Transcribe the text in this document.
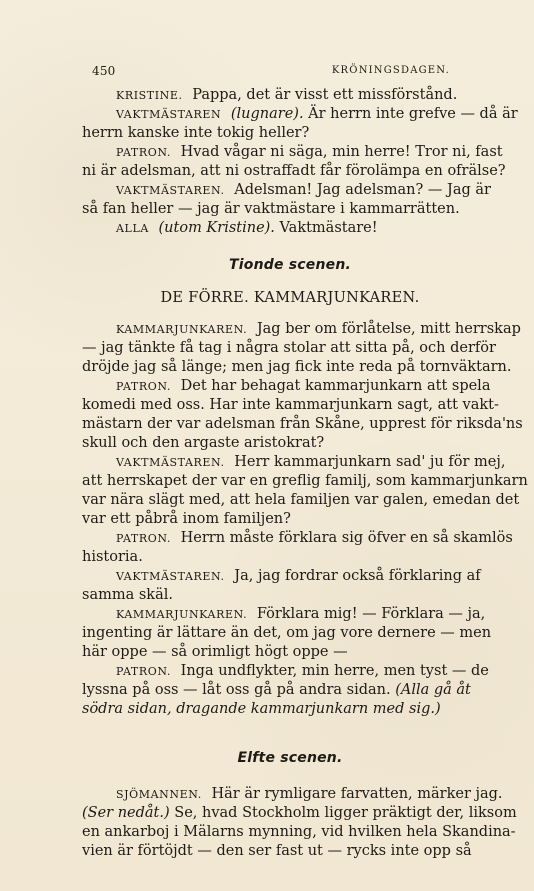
450	KRÖNINGSDAGEN.
KRISTINE. Pappa, det är visst ett missförstånd.
VAKTMÄSTAREN (lugnare). Är herrn inte grefve — då är
herrn kanske inte tokig heller?
PATRON. Hvad vågar ni säga, min herre! Tror ni, fast
ni är adelsman, att ni ostraffadt får förolämpa en ofrälse?
VAKTMÄSTAREN. Adelsman! Jag adelsman? — Jag är
så fan heller — jag är vaktmästare i kammarrätten.
ALLA (utom Kristine). Vaktmästare!
Tionde scenen.
DE FÖRRE. KAMMARJUNKAREN.
KAMMARJUNKAREN. Jag ber om förlåtelse, mitt herrskap
— jag tänkte få tag i några stolar att sitta på, och derför
dröjde jag så länge; men jag fick inte reda på tornväktarn.
PATRON. Det har behagat kammarjunkarn att spela
komedi med oss. Har inte kammarjunkarn sagt, att vakt-
mästarn der var adelsman från Skåne, upprest för riksda'ns
skull och den argaste aristokrat?
VAKTMÄSTAREN. Herr kammarjunkarn sad' ju för mej,
att herrskapet der var en greflig familj, som kammarjunkarn
var nära slägt med, att hela familjen var galen, emedan det
var ett påbrå inom familjen?
PATRON. Herrn måste förklara sig öfver en så skamlös
historia.
VAKTMÄSTAREN. Ja, jag fordrar också förklaring af
samma skäl.
KAMMARJUNKAREN. Förklara mig! — Förklara — ja,
ingenting är lättare än det, om jag vore dernere — men
här oppe — så orimligt högt oppe —
PATRON. Inga undflykter, min herre, men tyst — de
lyssna på oss — låt oss gå på andra sidan. (Alla gå åt
södra sidan, dragande kammarjunkarn med sig.)
Elfte scenen.
SJÖMANNEN. Här är rymligare farvatten, märker jag.
(Ser nedåt.) Se, hvad Stockholm ligger präktigt der, liksom
en ankarboj i Mälarns mynning, vid hvilken hela Skandina-
vien är förtöjdt — den ser fast ut — rycks inte opp så
